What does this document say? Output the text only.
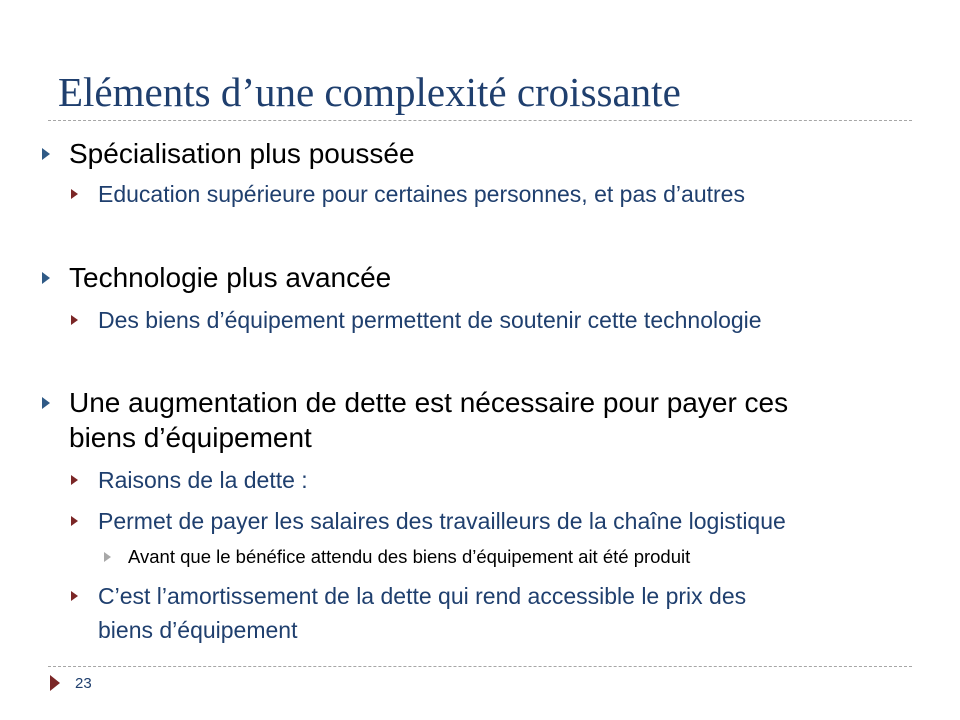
Eléments d’une complexité croissante
Spécialisation plus poussée
Education supérieure pour certaines personnes, et pas d’autres
Technologie plus avancée
Des biens d’équipement permettent de soutenir cette technologie
Une augmentation de dette est nécessaire pour payer ces
biens d’équipement
Raisons de la dette :
Permet de payer les salaires des travailleurs de la chaîne logistique
Avant que le bénéfice attendu des biens d’équipement ait été produit
C’est l’amortissement de la dette qui rend accessible le prix des
biens d’équipement
23
